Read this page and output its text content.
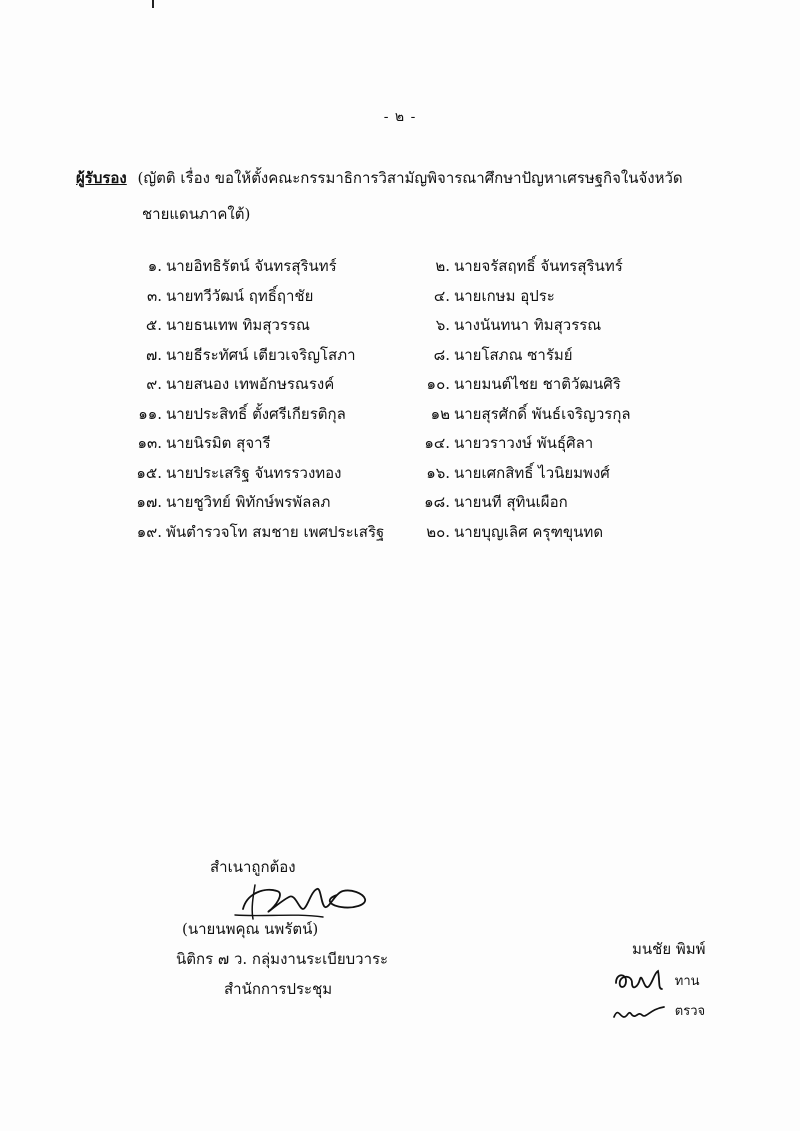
- ๒ -
ผู้รับรอง (ญัตติ เรื่อง ขอให้ตั้งคณะกรรมาธิการวิสามัญพิจารณาศึกษาปัญหาเศรษฐกิจในจังหวัด
ชายแดนภาคใต้)
๑. นายอิทธิรัตน์ จันทรสุรินทร์	๒. นายจรัสฤทธิ์ จันทรสุรินทร์
๓. นายทวีวัฒน์ ฤทธิ์ฤาชัย	๔. นายเกษม อุประ
๕. นายธนเทพ ทิมสุวรรณ	๖. นางนันทนา ทิมสุวรรณ
๗. นายธีระทัศน์ เตียวเจริญโสภา	๘. นายโสภณ ซารัมย์
๙. นายสนอง เทพอักษรณรงค์	๑๐. นายมนต์ไชย ชาติวัฒนศิริ
๑๑. นายประสิทธิ์ ตั้งศรีเกียรติกุล	๑๒ นายสุรศักดิ์ พันธ์เจริญวรกุล
๑๓. นายนิรมิต สุจารี	๑๔. นายวราวงษ์ พันธุ์ศิลา
๑๕. นายประเสริฐ จันทรรวงทอง	๑๖. นายเศกสิทธิ์ ไวนิยมพงศ์
๑๗. นายชูวิทย์ พิทักษ์พรพัลลภ	๑๘. นายนที สุทินเผือก
๑๙. พันตำรวจโท สมชาย เพศประเสริฐ	๒๐. นายบุญเลิศ ครุฑขุนทด
สำเนาถูกต้อง
(นายนพคุณ นพรัตน์)
นิติกร ๗ ว. กลุ่มงานระเบียบวาระ
สำนักการประชุม
มนชัย พิมพ์
ทาน
ตรวจ
